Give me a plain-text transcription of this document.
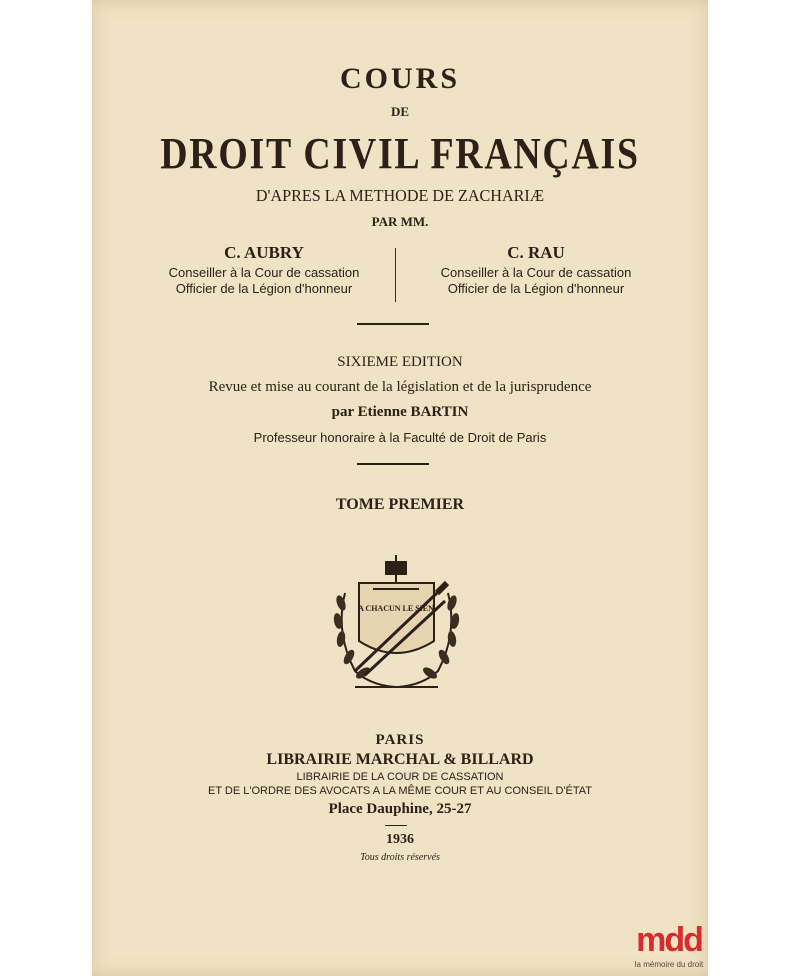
COURS
DE
DROIT CIVIL FRANÇAIS
D'APRES LA METHODE DE ZACHARIÆ
PAR MM.
C. AUBRY
Conseiller à la Cour de cassation
Officier de la Légion d'honneur
C. RAU
Conseiller à la Cour de cassation
Officier de la Légion d'honneur
SIXIEME EDITION
Revue et mise au courant de la législation et de la jurisprudence
par Etienne BARTIN
Professeur honoraire à la Faculté de Droit de Paris
TOME PREMIER
A CHACUN LE SIEN
PARIS
LIBRAIRIE MARCHAL & BILLARD
LIBRAIRIE DE LA COUR DE CASSATION
ET DE L'ORDRE DES AVOCATS A LA MÊME COUR ET AU CONSEIL D'ÉTAT
Place Dauphine, 25-27
1936
Tous droits réservés
mdd
la mémoire du droit
